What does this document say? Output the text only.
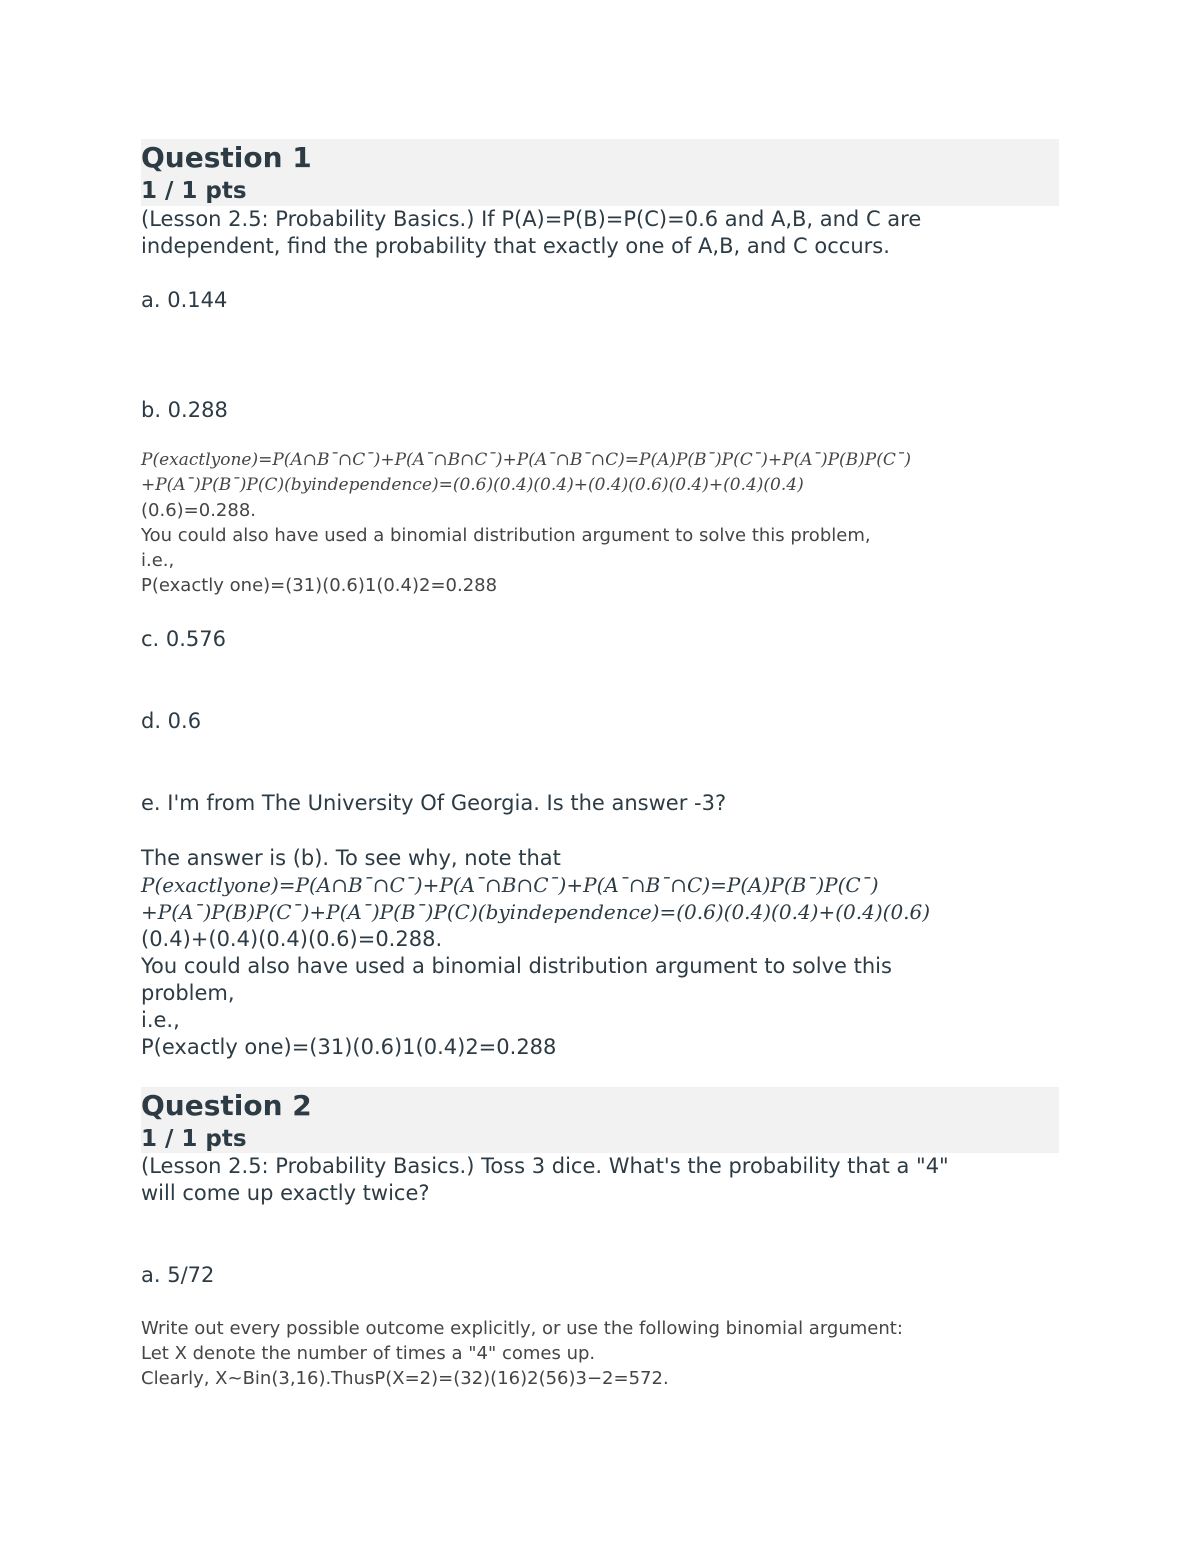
Question 1
1 / 1 pts
(Lesson 2.5: Probability Basics.) If P(A)=P(B)=P(C)=0.6 and A,B, and C are
independent, find the probability that exactly one of A,B, and C occurs.
a. 0.144
b. 0.288
P(exactlyone)=P(A∩B¯∩C¯)+P(A¯∩B∩C¯)+P(A¯∩B¯∩C)=P(A)P(B¯)P(C¯)+P(A¯)P(B)P(C¯)
+P(A¯)P(B¯)P(C)(byindependence)=(0.6)(0.4)(0.4)+(0.4)(0.6)(0.4)+(0.4)(0.4)
(0.6)=0.288.
You could also have used a binomial distribution argument to solve this problem,
i.e.,
P(exactly one)=(31)(0.6)1(0.4)2=0.288
c. 0.576
d. 0.6
e. I'm from The University Of Georgia. Is the answer -3?
The answer is (b). To see why, note that
P(exactlyone)=P(A∩B¯∩C¯)+P(A¯∩B∩C¯)+P(A¯∩B¯∩C)=P(A)P(B¯)P(C¯)
+P(A¯)P(B)P(C¯)+P(A¯)P(B¯)P(C)(byindependence)=(0.6)(0.4)(0.4)+(0.4)(0.6)
(0.4)+(0.4)(0.4)(0.6)=0.288.
You could also have used a binomial distribution argument to solve this
problem,
i.e.,
P(exactly one)=(31)(0.6)1(0.4)2=0.288
Question 2
1 / 1 pts
(Lesson 2.5: Probability Basics.) Toss 3 dice. What's the probability that a "4"
will come up exactly twice?
a. 5/72
Write out every possible outcome explicitly, or use the following binomial argument:
Let X denote the number of times a "4" comes up.
Clearly, X~Bin(3,16).ThusP(X=2)=(32)(16)2(56)3−2=572.
